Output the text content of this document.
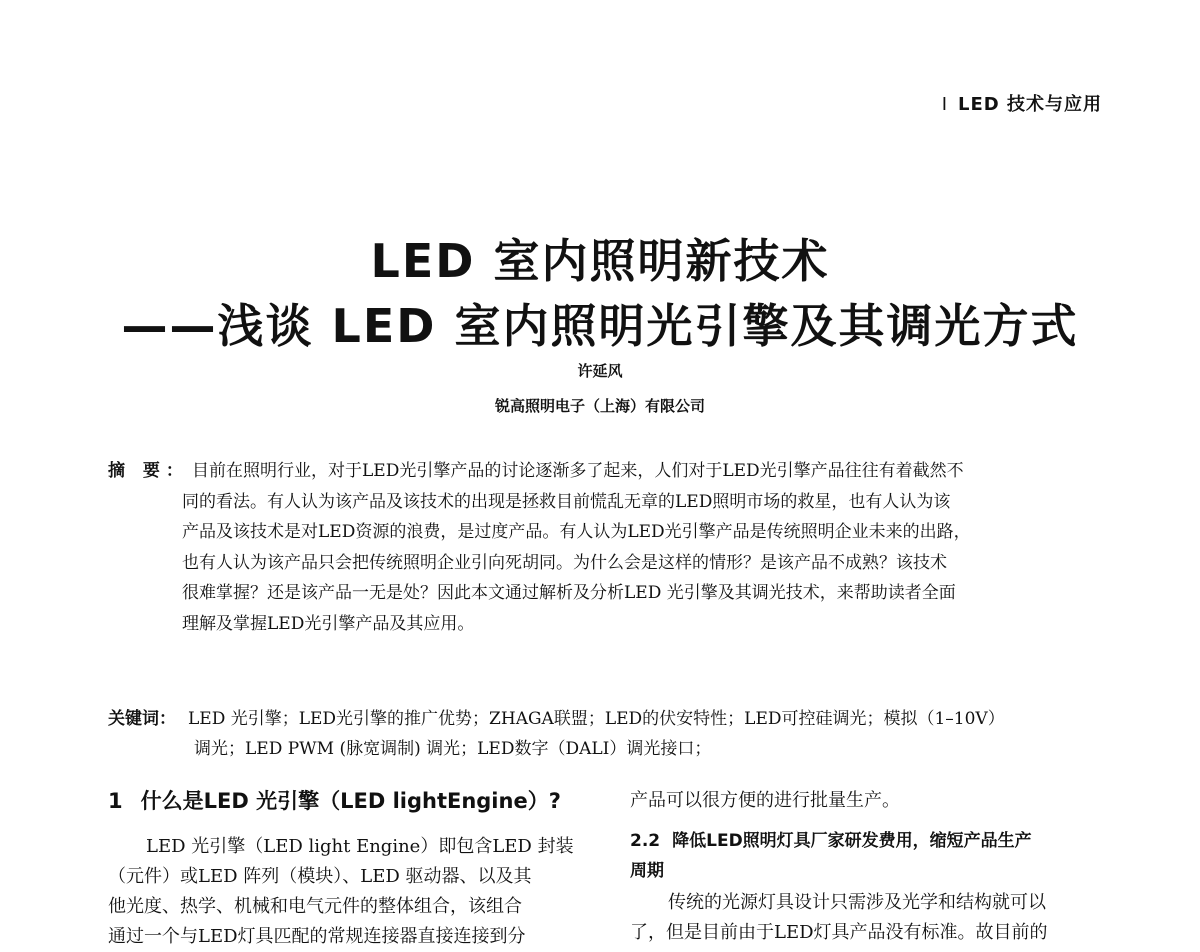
I LED 技术与应用
LED 室内照明新技术
——浅谈 LED 室内照明光引擎及其调光方式
许延风
锐高照明电子（上海）有限公司
摘 要： 目前在照明行业，对于LED光引擎产品的讨论逐渐多了起来，人们对于LED光引擎产品往往有着截然不
同的看法。有人认为该产品及该技术的出现是拯救目前慌乱无章的LED照明市场的救星，也有人认为该
产品及该技术是对LED资源的浪费，是过度产品。有人认为LED光引擎产品是传统照明企业未来的出路，
也有人认为该产品只会把传统照明企业引向死胡同。为什么会是这样的情形？是该产品不成熟？该技术
很难掌握？还是该产品一无是处？因此本文通过解析及分析LED 光引擎及其调光技术，来帮助读者全面
理解及掌握LED光引擎产品及其应用。
关键词： LED 光引擎；LED光引擎的推广优势；ZHAGA联盟；LED的伏安特性；LED可控硅调光；模拟（1–10V）
调光；LED PWM (脉宽调制) 调光；LED数字（DALI）调光接口；
1 什么是LED 光引擎（LED lightEngine）?
LED 光引擎（LED light Engine）即包含LED 封装
（元件）或LED 阵列（模块）、LED 驱动器、以及其
他光度、热学、机械和电气元件的整体组合，该组合
通过一个与LED灯具匹配的常规连接器直接连接到分
产品可以很方便的进行批量生产。
2.2 降低LED照明灯具厂家研发费用，缩短产品生产
周期
传统的光源灯具设计只需涉及光学和结构就可以
了，但是目前由于LED灯具产品没有标准。故目前的
